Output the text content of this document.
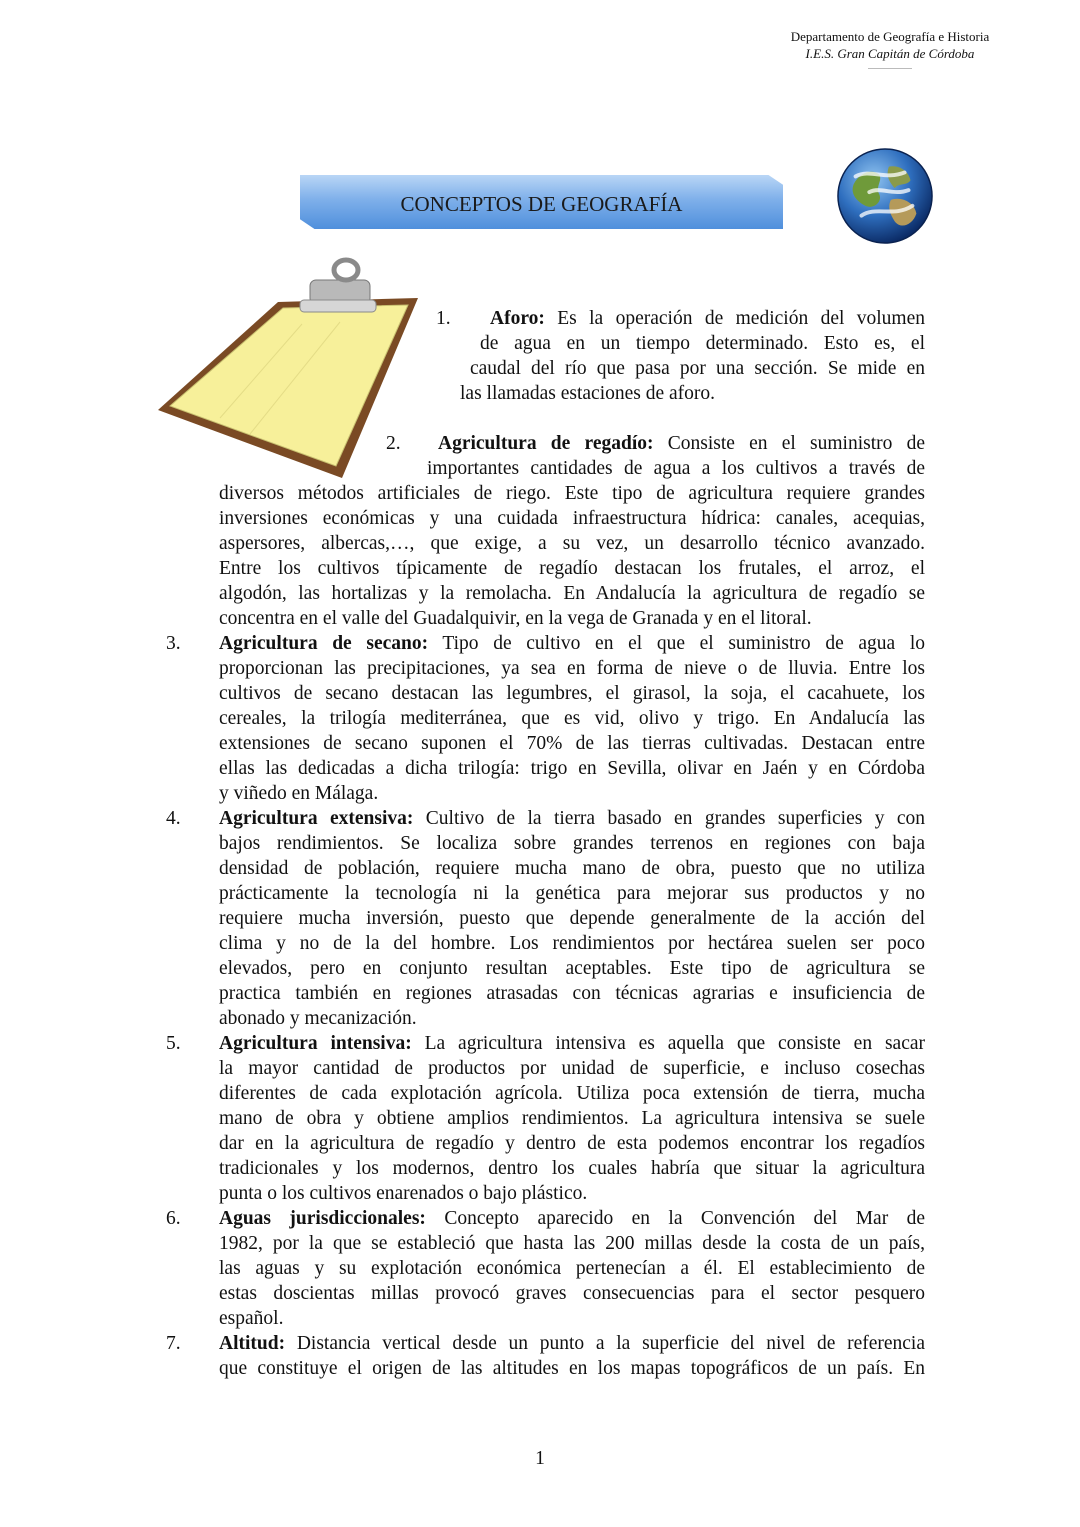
Departamento de Geografía e Historia
I.E.S. Gran Capitán de Córdoba
CONCEPTOS DE GEOGRAFÍA
1. Aforo: Es la operación de medición del volumen
de agua en un tiempo determinado. Esto es, el
caudal del río que pasa por una sección. Se mide en
las llamadas estaciones de aforo.
2. Agricultura de regadío: Consiste en el suministro de
importantes cantidades de agua a los cultivos a través de
diversos métodos artificiales de riego. Este tipo de agricultura requiere grandes
inversiones económicas y una cuidada infraestructura hídrica: canales, acequias,
aspersores, albercas,…, que exige, a su vez, un desarrollo técnico avanzado.
Entre los cultivos típicamente de regadío destacan los frutales, el arroz, el
algodón, las hortalizas y la remolacha. En Andalucía la agricultura de regadío se
concentra en el valle del Guadalquivir, en la vega de Granada y en el litoral.
3. Agricultura de secano: Tipo de cultivo en el que el suministro de agua lo
proporcionan las precipitaciones, ya sea en forma de nieve o de lluvia. Entre los
cultivos de secano destacan las legumbres, el girasol, la soja, el cacahuete, los
cereales, la trilogía mediterránea, que es vid, olivo y trigo. En Andalucía las
extensiones de secano suponen el 70% de las tierras cultivadas. Destacan entre
ellas las dedicadas a dicha trilogía: trigo en Sevilla, olivar en Jaén y en Córdoba
y viñedo en Málaga.
4. Agricultura extensiva: Cultivo de la tierra basado en grandes superficies y con
bajos rendimientos. Se localiza sobre grandes terrenos en regiones con baja
densidad de población, requiere mucha mano de obra, puesto que no utiliza
prácticamente la tecnología ni la genética para mejorar sus productos y no
requiere mucha inversión, puesto que depende generalmente de la acción del
clima y no de la del hombre. Los rendimientos por hectárea suelen ser poco
elevados, pero en conjunto resultan aceptables. Este tipo de agricultura se
practica también en regiones atrasadas con técnicas agrarias e insuficiencia de
abonado y mecanización.
5. Agricultura intensiva: La agricultura intensiva es aquella que consiste en sacar
la mayor cantidad de productos por unidad de superficie, e incluso cosechas
diferentes de cada explotación agrícola. Utiliza poca extensión de tierra, mucha
mano de obra y obtiene amplios rendimientos. La agricultura intensiva se suele
dar en la agricultura de regadío y dentro de esta podemos encontrar los regadíos
tradicionales y los modernos, dentro los cuales habría que situar la agricultura
punta o los cultivos enarenados o bajo plástico.
6. Aguas jurisdiccionales: Concepto aparecido en la Convención del Mar de
1982, por la que se estableció que hasta las 200 millas desde la costa de un país,
las aguas y su explotación económica pertenecían a él. El establecimiento de
estas doscientas millas provocó graves consecuencias para el sector pesquero
español.
7. Altitud: Distancia vertical desde un punto a la superficie del nivel de referencia
que constituye el origen de las altitudes en los mapas topográficos de un país. En
1
